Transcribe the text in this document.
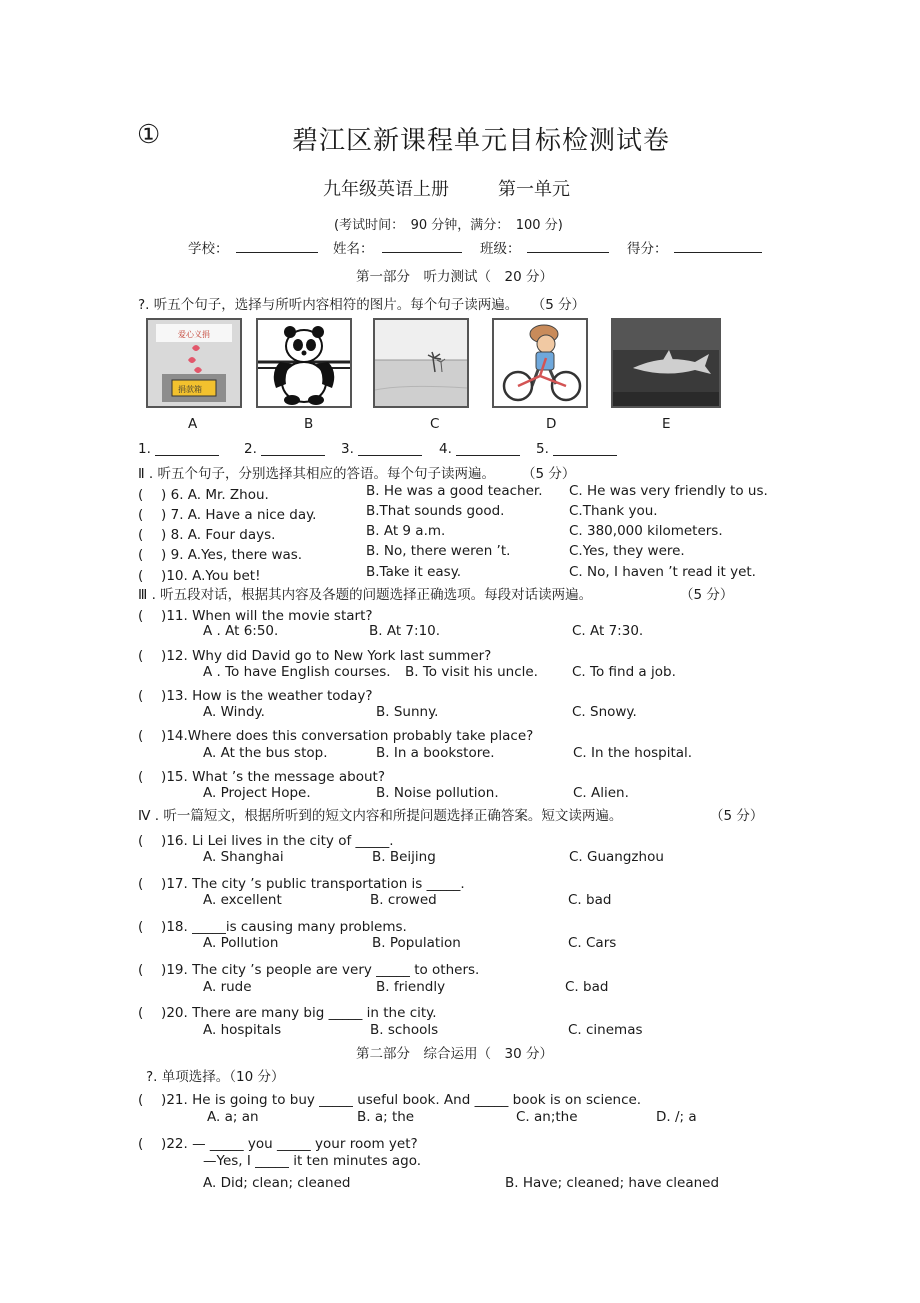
①	碧江区新课程单元目标检测试卷
九年级英语上册	第一单元
(考试时间：　90 分钟，满分：　100 分)
学校：	姓名：	班级：	得分：
第一部分　听力测试（　20 分）
?. 听五个句子，选择与所听内容相符的图片。每个句子读两遍。　　（5 分）
爱心义捐
捐款箱
A	B	C	D	E
1.	2.	3.	4.	5.
Ⅱ . 听五个句子，分别选择其相应的答语。每个句子读两遍。　　　（5 分）
(　 ) 6. A. Mr. Zhou.	B. He was a good teacher. C. He was very friendly to us.
(　 ) 7. A. Have a nice day.	B.That sounds good.	C.Thank you.
(　 ) 8. A. Four days.	B. At 9 a.m.	C. 380,000 kilometers.
(　 ) 9. A.Yes, there was.	B. No, there weren ’t.	C.Yes, they were.
(　 )10. A.You bet!	B.Take it easy.	C. No, I haven ’t read it yet.
Ⅲ . 听五段对话，根据其内容及各题的问题选择正确选项。每段对话读两遍。	（5 分）
(　 )11. When will the movie start?
A . At 6:50.	B. At 7:10.	C. At 7:30.
(　 )12. Why did David go to New York last summer?
A . To have English courses. B. To visit his uncle.	C. To find a job.
(　 )13. How is the weather today?
A. Windy.	B. Sunny.	C. Snowy.
(　 )14.Where does this conversation probably take place?
A. At the bus stop.	B. In a bookstore.	C. In the hospital.
(　 )15. What ’s the message about?
A. Project Hope.	B. Noise pollution.	C. Alien.
Ⅳ . 听一篇短文，根据所听到的短文内容和所提问题选择正确答案。短文读两遍。	（5 分）
(　 )16. Li Lei lives in the city of _____.
A. Shanghai	B. Beijing	C. Guangzhou
(　 )17. The city ’s public transportation is _____.
A. excellent	B. crowed	C. bad
(　 )18. _____is causing many problems.
A. Pollution	B. Population	C. Cars
(　 )19. The city ’s people are very _____ to others.
A. rude	B. friendly	C. bad
(　 )20. There are many big _____ in the city.
A. hospitals	B. schools	C. cinemas
第二部分　综合运用（　30 分）
?. 单项选择。（10 分）
(　 )21. He is going to buy _____ useful book. And _____ book is on science.
A. a; an	B. a; the	C. an;the	D. /; a
(　 )22. — _____ you _____ your room yet?
—Yes, I _____ it ten minutes ago.
A. Did; clean; cleaned	B. Have; cleaned; have cleaned
